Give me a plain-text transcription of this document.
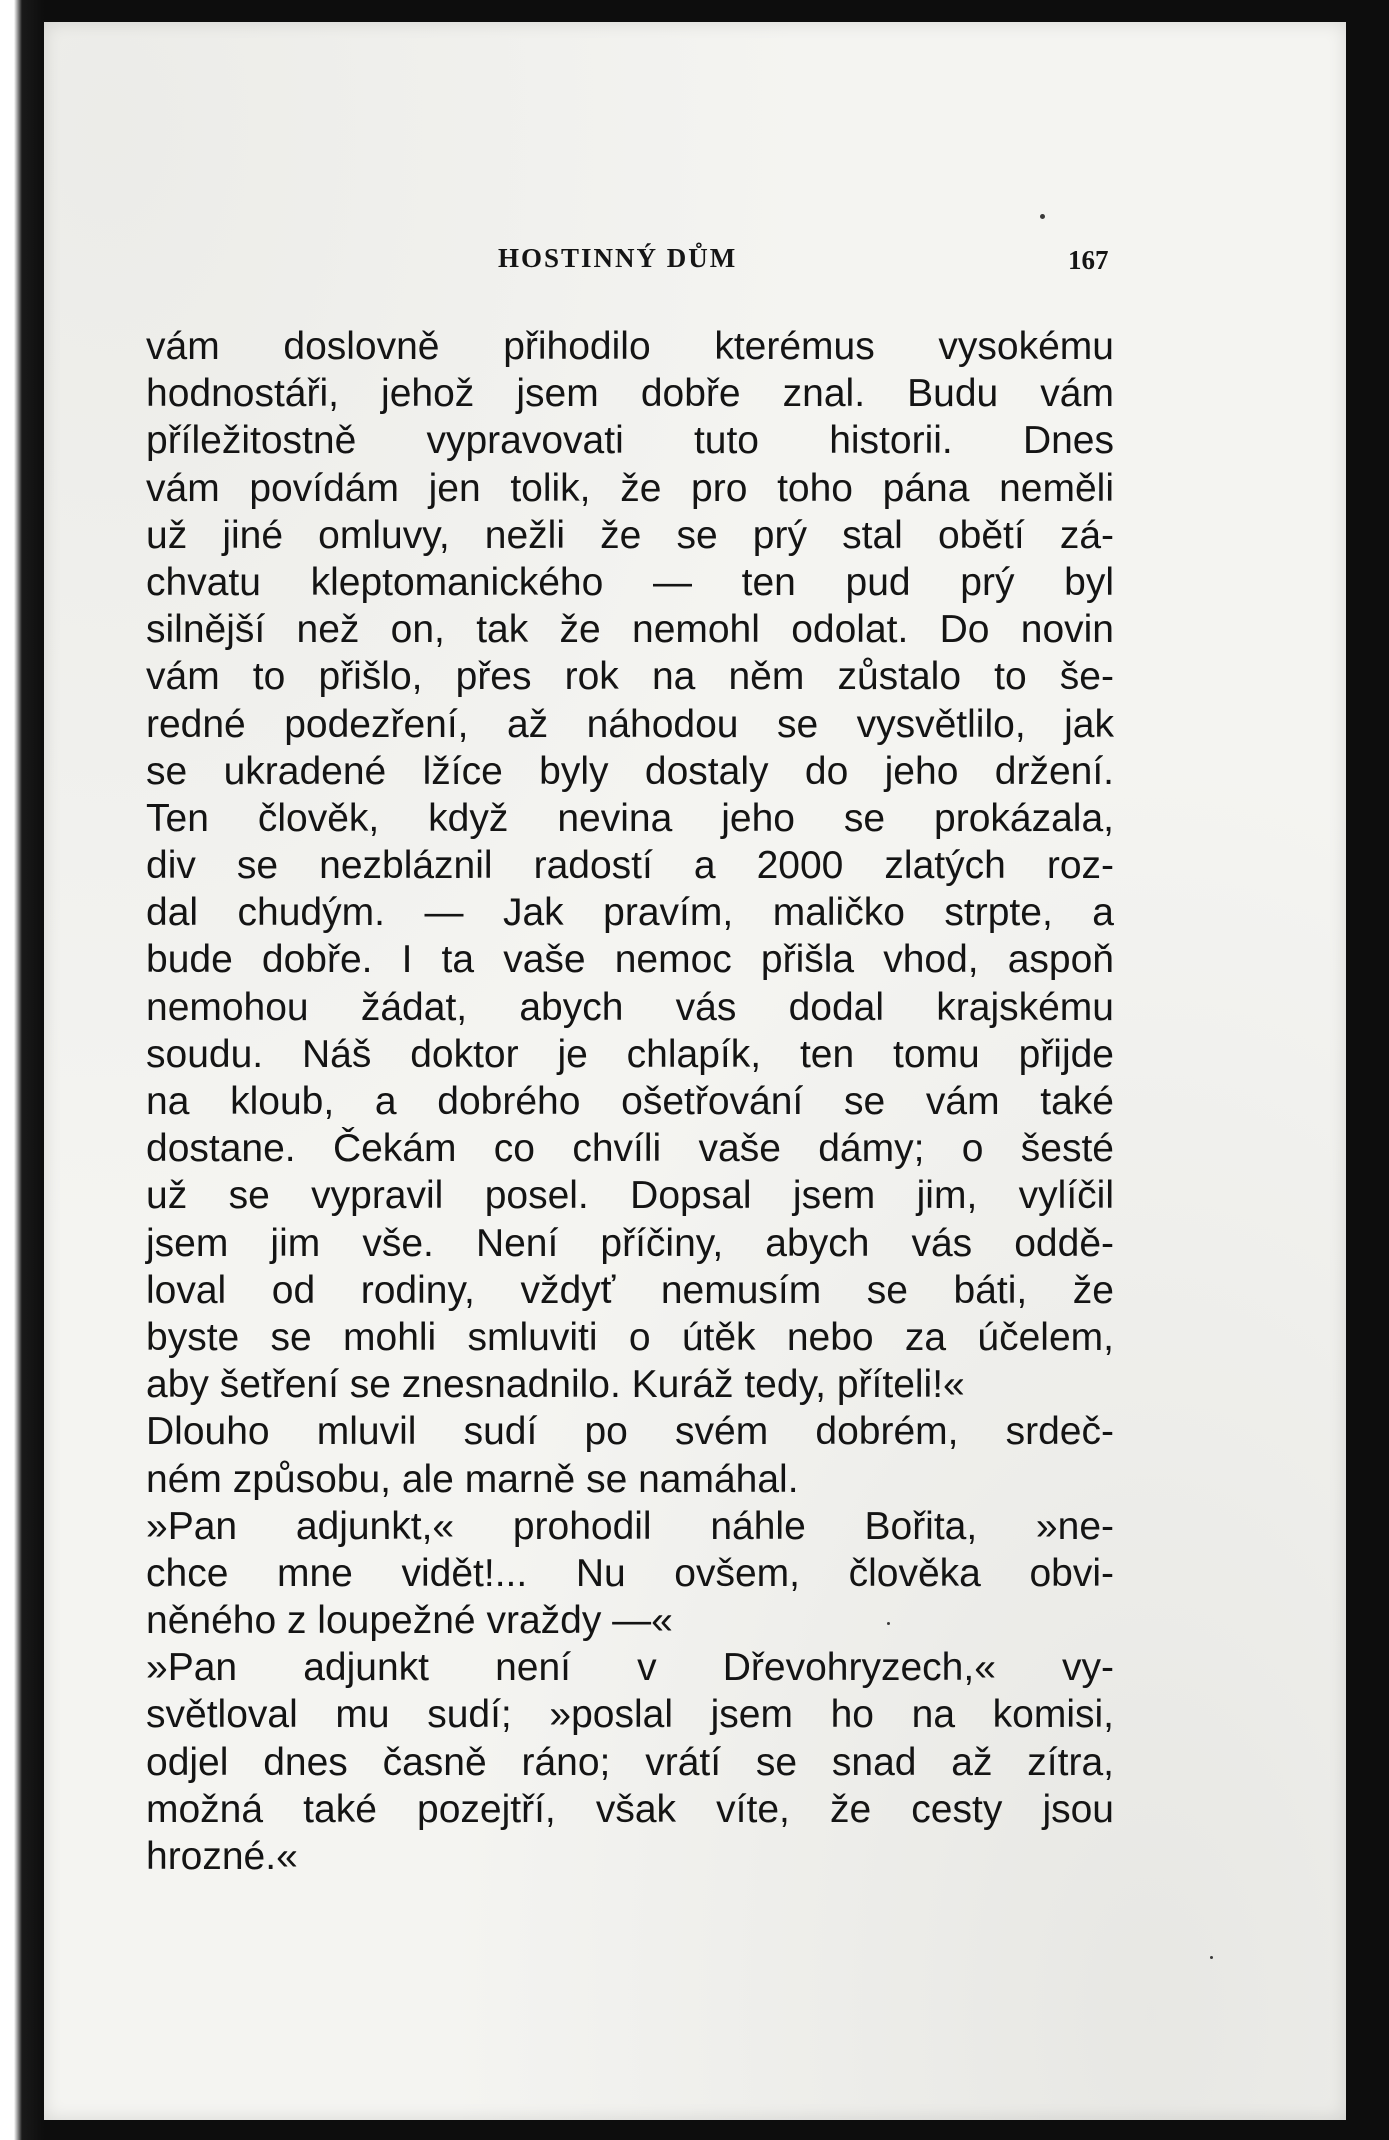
HOSTINNÝ DŮM	167
vám doslovně přihodilo kterémus vysokému
hodnostáři, jehož jsem dobře znal. Budu vám
příležitostně vypravovati tuto historii. Dnes
vám povídám jen tolik, že pro toho pána neměli
už jiné omluvy, nežli že se prý stal obětí zá-
chvatu kleptomanického — ten pud prý byl
silnější než on, tak že nemohl odolat. Do novin
vám to přišlo, přes rok na něm zůstalo to še-
redné podezření, až náhodou se vysvětlilo, jak
se ukradené lžíce byly dostaly do jeho držení.
Ten člověk, když nevina jeho se prokázala,
div se nezbláznil radostí a 2000 zlatých roz-
dal chudým. — Jak pravím, maličko strpte, a
bude dobře. I ta vaše nemoc přišla vhod, aspoň
nemohou žádat, abych vás dodal krajskému
soudu. Náš doktor je chlapík, ten tomu přijde
na kloub, a dobrého ošetřování se vám také
dostane. Čekám co chvíli vaše dámy; o šesté
už se vypravil posel. Dopsal jsem jim, vylíčil
jsem jim vše. Není příčiny, abych vás oddě-
loval od rodiny, vždyť nemusím se báti, že
byste se mohli smluviti o útěk nebo za účelem,
aby šetření se znesnadnilo. Kuráž tedy, příteli!«
Dlouho mluvil sudí po svém dobrém, srdeč-
ném způsobu, ale marně se namáhal.
»Pan adjunkt,« prohodil náhle Bořita, »ne-
chce mne vidět!... Nu ovšem, člověka obvi-
něného z loupežné vraždy —«
»Pan adjunkt není v Dřevohryzech,« vy-
světloval mu sudí; »poslal jsem ho na komisi,
odjel dnes časně ráno; vrátí se snad až zítra,
možná také pozejtří, však víte, že cesty jsou
hrozné.«
